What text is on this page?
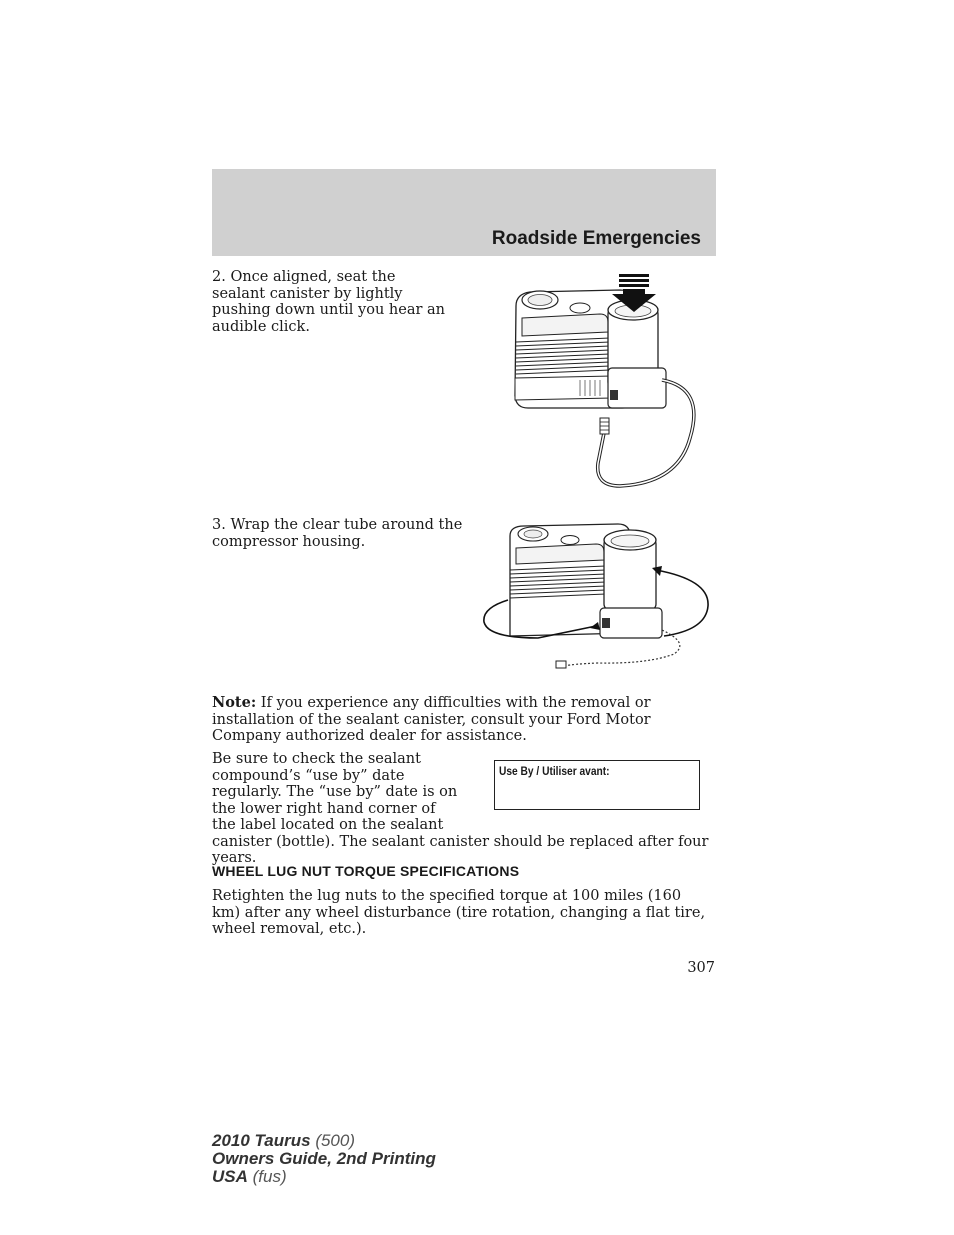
Roadside Emergencies

2. Once aligned, seat the sealant canister by lightly pushing down until you hear an audible click.

3. Wrap the clear tube around the compressor housing.

Note: If you experience any difficulties with the removal or installation of the sealant canister, consult your Ford Motor Company authorized dealer for assistance.

Be sure to check the sealant compound’s “use by” date regularly. The “use by” date is on the lower right hand corner of the label located on the sealant canister (bottle). The sealant canister should be replaced after four years.

Use By / Utiliser avant:
WHEEL LUG NUT TORQUE SPECIFICATIONS

Retighten the lug nuts to the specified torque at 100 miles (160 km) after any wheel disturbance (tire rotation, changing a flat tire, wheel removal, etc.).

307

2010 Taurus (500)
Owners Guide, 2nd Printing
USA (fus)
